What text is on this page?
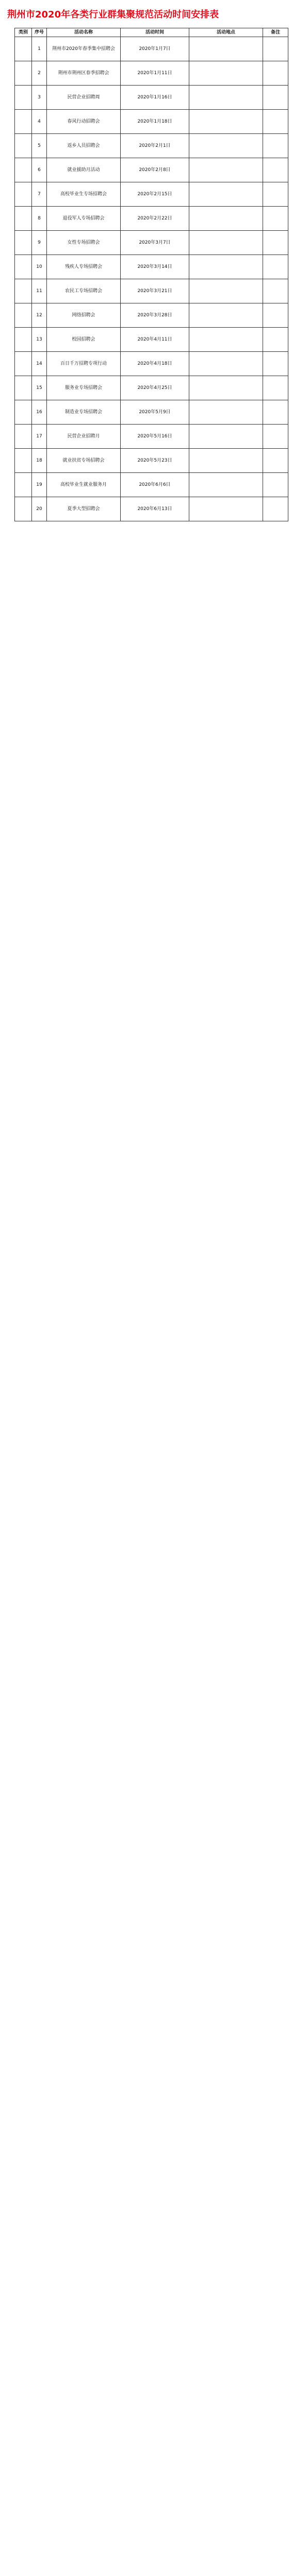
荆州市2020年各类行业群集聚规范活动时间安排表
类别	序号	活动名称	活动时间	活动地点	备注
	1	荆州市2020年春季集中招聘会	2020年1月7日		
	2	荆州市荆州区春季招聘会	2020年1月11日		
	3	民营企业招聘周	2020年1月16日		
	4	春风行动招聘会	2020年1月18日		
	5	返乡人员招聘会	2020年2月1日		
	6	就业援助月活动	2020年2月8日		
	7	高校毕业生专场招聘会	2020年2月15日		
	8	退役军人专场招聘会	2020年2月22日		
	9	女性专场招聘会	2020年3月7日		
	10	残疾人专场招聘会	2020年3月14日		
	11	农民工专场招聘会	2020年3月21日		
	12	网络招聘会	2020年3月28日		
	13	校园招聘会	2020年4月11日		
	14	百日千万招聘专项行动	2020年4月18日		
	15	服务业专场招聘会	2020年4月25日		
	16	制造业专场招聘会	2020年5月9日		
	17	民营企业招聘月	2020年5月16日		
	18	就业扶贫专场招聘会	2020年5月23日		
	19	高校毕业生就业服务月	2020年6月6日		
	20	夏季大型招聘会	2020年6月13日		
